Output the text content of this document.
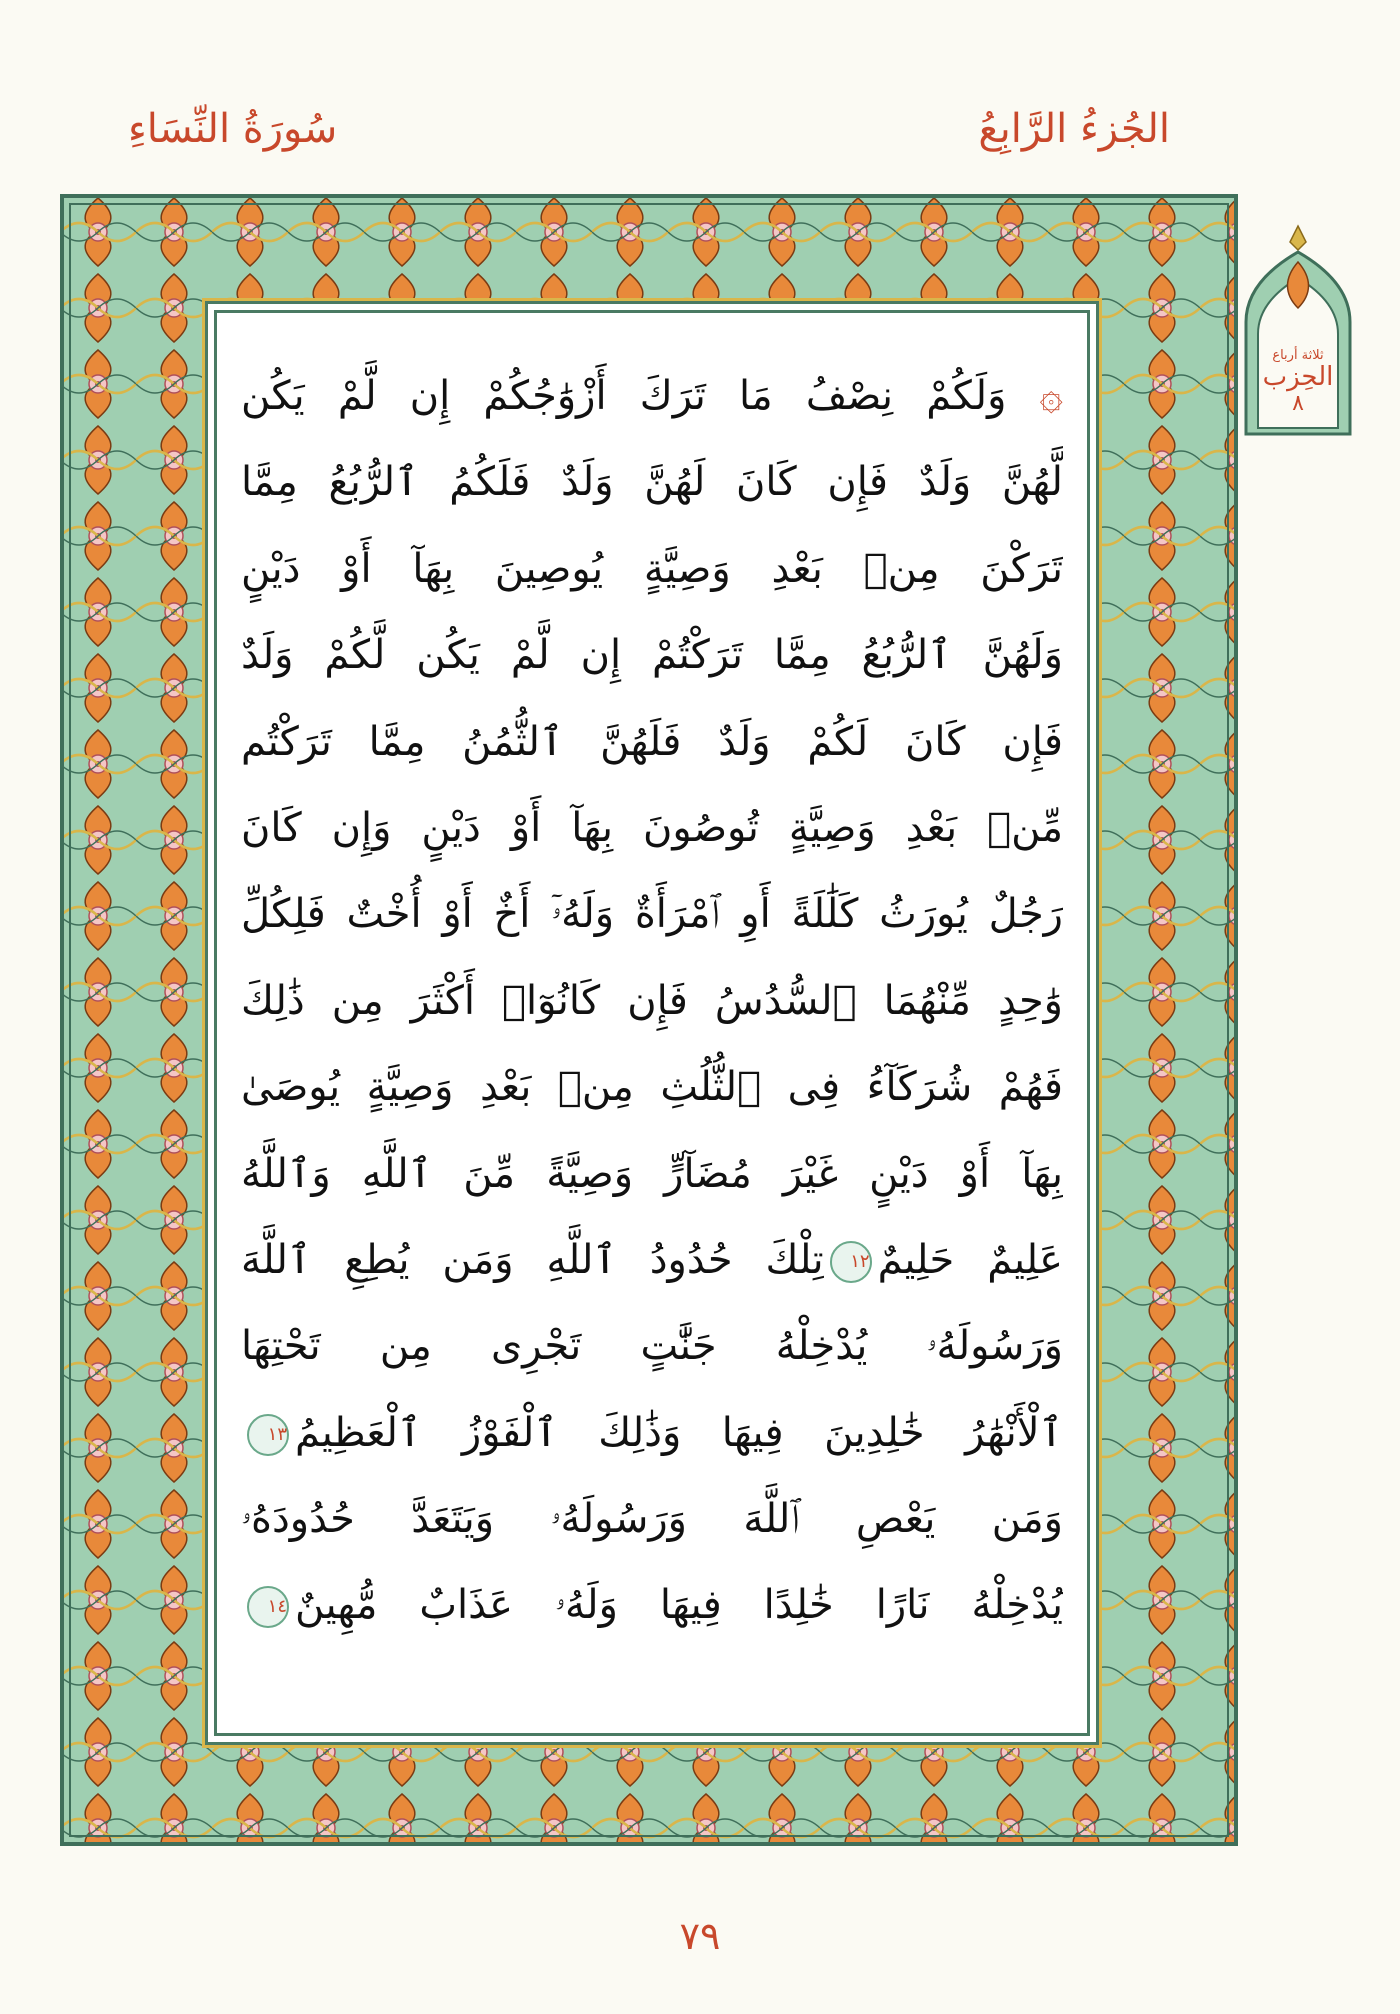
الجُزءُ الرَّابِعُ
سُورَةُ النِّسَاءِ
۞ وَلَكُمْ نِصْفُ مَا تَرَكَ أَزْوَٰجُكُمْ إِن لَّمْ يَكُن
لَّهُنَّ وَلَدٌ فَإِن كَانَ لَهُنَّ وَلَدٌ فَلَكُمُ ٱلرُّبُعُ مِمَّا
تَرَكْنَ مِنۢ بَعْدِ وَصِيَّةٍ يُوصِينَ بِهَآ أَوْ دَيْنٍ
وَلَهُنَّ ٱلرُّبُعُ مِمَّا تَرَكْتُمْ إِن لَّمْ يَكُن لَّكُمْ وَلَدٌ
فَإِن كَانَ لَكُمْ وَلَدٌ فَلَهُنَّ ٱلثُّمُنُ مِمَّا تَرَكْتُم
مِّنۢ بَعْدِ وَصِيَّةٍ تُوصُونَ بِهَآ أَوْ دَيْنٍ وَإِن كَانَ
رَجُلٌ يُورَثُ كَلَٰلَةً أَوِ ٱمْرَأَةٌ وَلَهُۥٓ أَخٌ أَوْ أُخْتٌ فَلِكُلِّ
وَٰحِدٍ مِّنْهُمَا ٱلسُّدُسُ فَإِن كَانُوٓا۟ أَكْثَرَ مِن ذَٰلِكَ
فَهُمْ شُرَكَآءُ فِى ٱلثُّلُثِ مِنۢ بَعْدِ وَصِيَّةٍ يُوصَىٰ
بِهَآ أَوْ دَيْنٍ غَيْرَ مُضَآرٍّ وَصِيَّةً مِّنَ ٱللَّهِ وَٱللَّهُ
عَلِيمٌ حَلِيمٌ١٢تِلْكَ حُدُودُ ٱللَّهِ وَمَن يُطِعِ ٱللَّهَ
وَرَسُولَهُۥ يُدْخِلْهُ جَنَّٰتٍ تَجْرِى مِن تَحْتِهَا
ٱلْأَنْهَٰرُ خَٰلِدِينَ فِيهَا وَذَٰلِكَ ٱلْفَوْزُ ٱلْعَظِيمُ١٣
وَمَن يَعْصِ ٱللَّهَ وَرَسُولَهُۥ وَيَتَعَدَّ حُدُودَهُۥ
يُدْخِلْهُ نَارًا خَٰلِدًا فِيهَا وَلَهُۥ عَذَابٌ مُّهِينٌ١٤
ثلاثة أرباع
الحِزب
٨
٧٩
